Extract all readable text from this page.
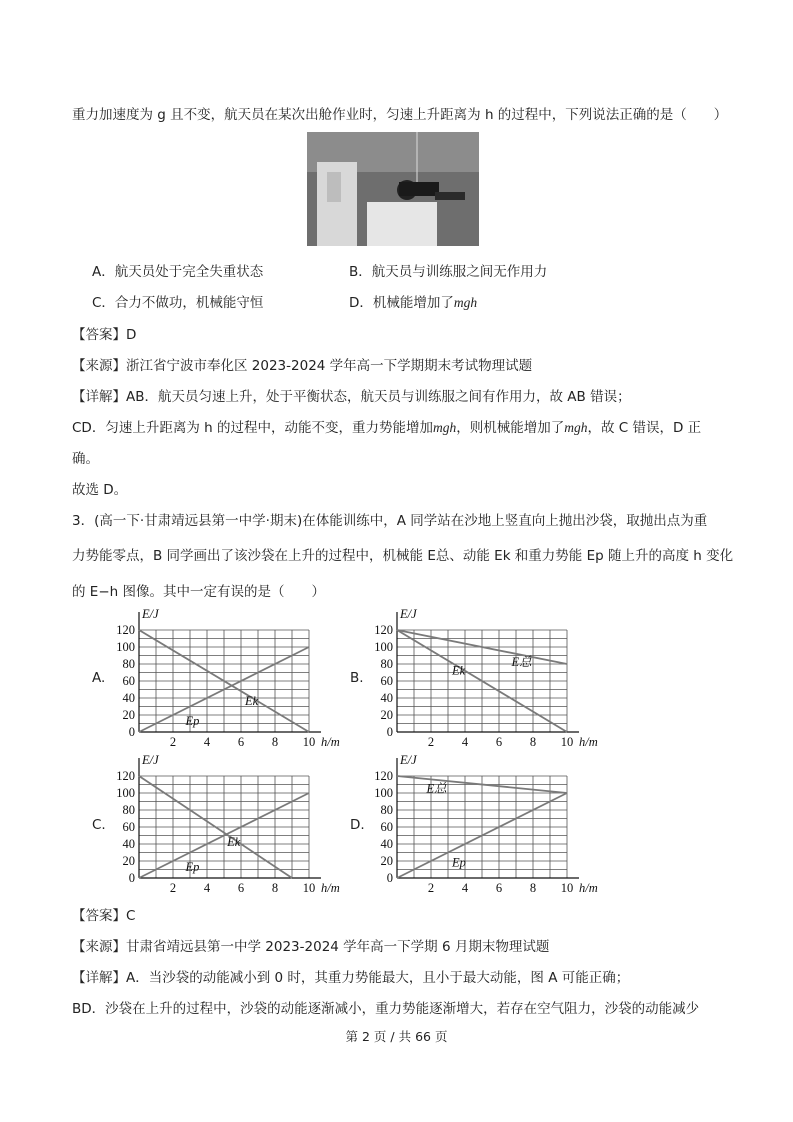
重力加速度为 g 且不变，航天员在某次出舱作业时，匀速上升距离为 h 的过程中，下列说法正确的是（　　）
A．航天员处于完全失重状态	B．航天员与训练服之间无作用力
C．合力不做功，机械能守恒	D．机械能增加了mgh
【答案】D
【来源】浙江省宁波市奉化区 2023-2024 学年高一下学期期末考试物理试题
【详解】AB．航天员匀速上升，处于平衡状态，航天员与训练服之间有作用力，故 AB 错误；
CD．匀速上升距离为 h 的过程中，动能不变，重力势能增加mgh，则机械能增加了mgh，故 C 错误，D 正
确。
故选 D。
3．(高一下·甘肃靖远县第一中学·期末)在体能训练中，A 同学站在沙地上竖直向上抛出沙袋，取抛出点为重
力势能零点，B 同学画出了该沙袋在上升的过程中，机械能 E总、动能 Ek 和重力势能 Ep 随上升的高度 h 变化
的 E−h 图像。其中一定有误的是（　　）
A.
0
20
40
60
80
100
120
2 4 6 8 10
E/J
h/m
Ek
Ep
B.
0
20
40
60
80
100
120
2 4 6 8 10
E/J
h/m
E总
Ek
C.
0
20
40
60
80
100
120
2 4 6 8 10
E/J
h/m
Ek
Ep
D.
0
20
40
60
80
100
120
2 4 6 8 10
E/J
h/m
E总
Ep
【答案】C
【来源】甘肃省靖远县第一中学 2023-2024 学年高一下学期 6 月期末物理试题
【详解】A．当沙袋的动能减小到 0 时，其重力势能最大，且小于最大动能，图 A 可能正确；
BD．沙袋在上升的过程中，沙袋的动能逐渐减小，重力势能逐渐增大，若存在空气阻力，沙袋的动能减少
第 2 页 / 共 66 页
